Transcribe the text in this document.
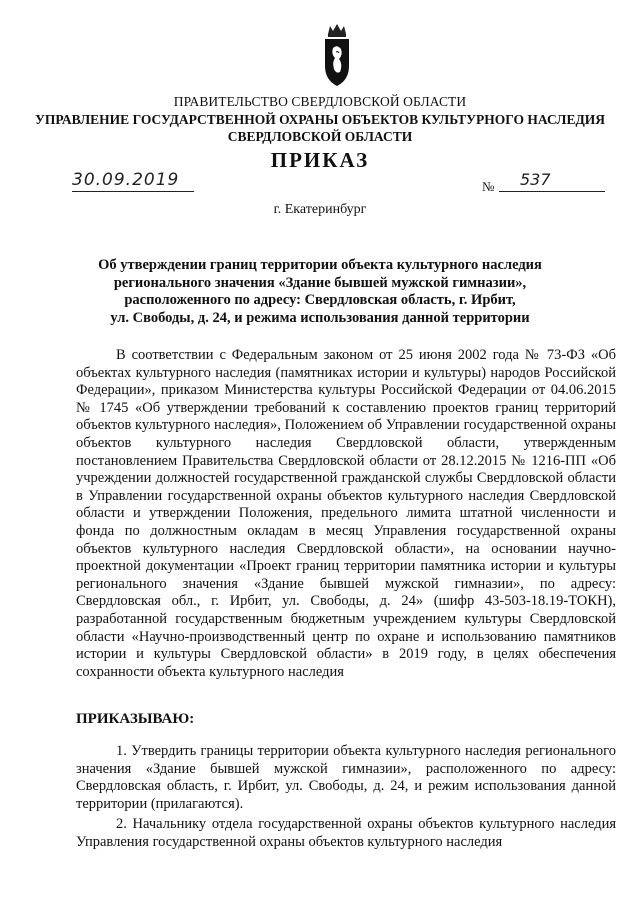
ПРАВИТЕЛЬСТВО СВЕРДЛОВСКОЙ ОБЛАСТИ
УПРАВЛЕНИЕ ГОСУДАРСТВЕННОЙ ОХРАНЫ ОБЪЕКТОВ КУЛЬТУРНОГО НАСЛЕДИЯ
СВЕРДЛОВСКОЙ ОБЛАСТИ
ПРИКАЗ
30.09.2019	№ 537
г. Екатеринбург
Об утверждении границ территории объекта культурного наследия
регионального значения «Здание бывшей мужской гимназии»,
расположенного по адресу: Свердловская область, г. Ирбит,
ул. Свободы, д. 24, и режима использования данной территории

В соответствии с Федеральным законом от 25 июня 2002 года № 73-ФЗ «Об объектах культурного наследия (памятниках истории и культуры) народов Российской Федерации», приказом Министерства культуры Российской Федерации от 04.06.2015 № 1745 «Об утверждении требований к составлению проектов границ территорий объектов культурного наследия», Положением об Управлении государственной охраны объектов культурного наследия Свердловской области, утвержденным постановлением Правительства Свердловской области от 28.12.2015 № 1216-ПП «Об учреждении должностей государственной гражданской службы Свердловской области в Управлении государственной охраны объектов культурного наследия Свердловской области и утверждении Положения, предельного лимита штатной численности и фонда по должностным окладам в месяц Управления государственной охраны объектов культурного наследия Свердловской области», на основании научно-проектной документации «Проект границ территории памятника истории и культуры регионального значения «Здание бывшей мужской гимназии», по адресу: Свердловская обл., г. Ирбит, ул. Свободы, д. 24» (шифр 43-503-18.19-ТОКН), разработанной государственным бюджетным учреждением культуры Свердловской области «Научно-производственный центр по охране и использованию памятников истории и культуры Свердловской области» в 2019 году, в целях обеспечения сохранности объекта культурного наследия

ПРИКАЗЫВАЮ:

1. Утвердить границы территории объекта культурного наследия регионального значения «Здание бывшей мужской гимназии», расположенного по адресу: Свердловская область, г. Ирбит, ул. Свободы, д. 24, и режим использования данной территории (прилагаются).

2. Начальнику отдела государственной охраны объектов культурного наследия Управления государственной охраны объектов культурного наследия
